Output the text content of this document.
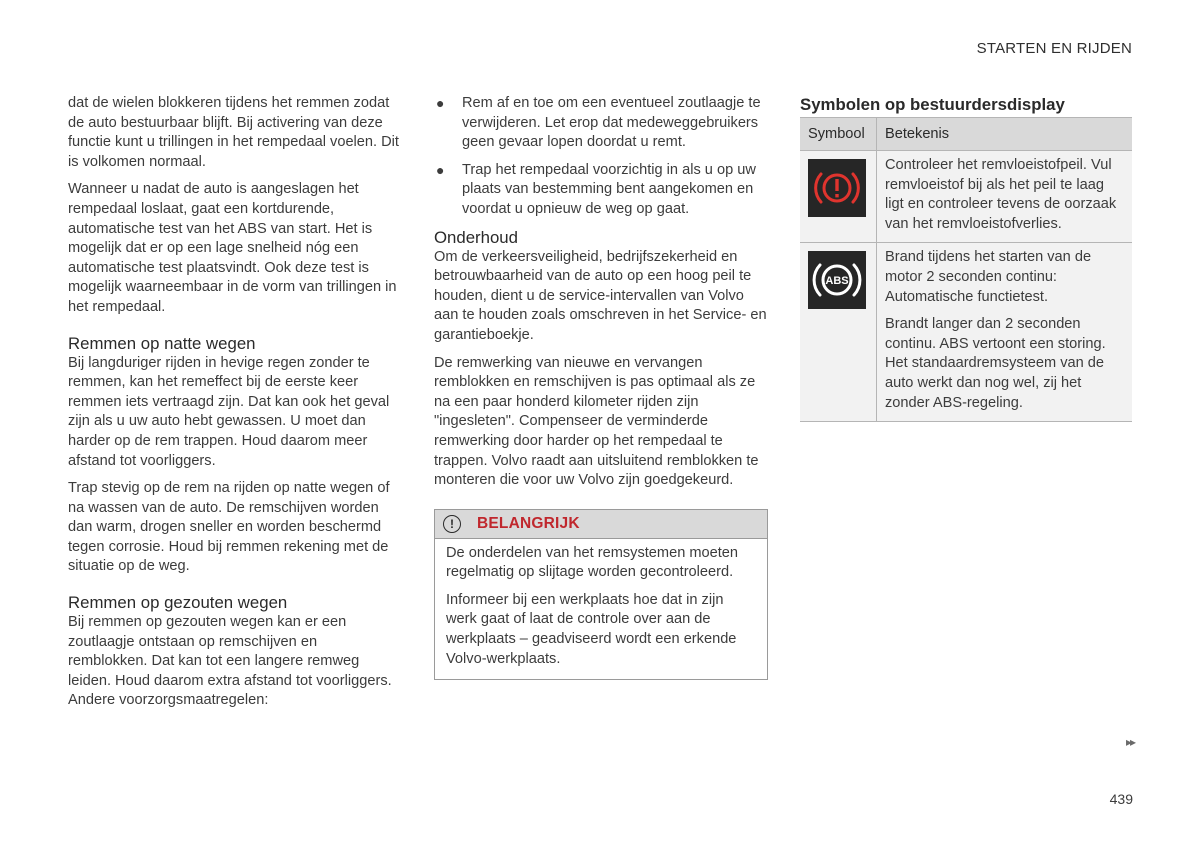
STARTEN EN RIJDEN

dat de wielen blokkeren tijdens het remmen zodat de auto bestuurbaar blijft. Bij activering van deze functie kunt u trillingen in het rempedaal voelen. Dit is volkomen normaal.

Wanneer u nadat de auto is aangeslagen het rempedaal loslaat, gaat een kortdurende, automatische test van het ABS van start. Het is mogelijk dat er op een lage snelheid nóg een automatische test plaatsvindt. Ook deze test is mogelijk waarneembaar in de vorm van trillingen in het rempedaal.

Remmen op natte wegen

Bij langduriger rijden in hevige regen zonder te remmen, kan het remeffect bij de eerste keer remmen iets vertraagd zijn. Dat kan ook het geval zijn als u uw auto hebt gewassen. U moet dan harder op de rem trappen. Houd daarom meer afstand tot voorliggers.

Trap stevig op de rem na rijden op natte wegen of na wassen van de auto. De remschijven worden dan warm, drogen sneller en worden beschermd tegen corrosie. Houd bij remmen rekening met de situatie op de weg.

Remmen op gezouten wegen

Bij remmen op gezouten wegen kan er een zoutlaagje ontstaan op remschijven en remblokken. Dat kan tot een langere remweg leiden. Houd daarom extra afstand tot voorliggers. Andere voorzorgsmaatregelen:

● Rem af en toe om een eventueel zoutlaagje te verwijderen. Let erop dat medeweggebruikers geen gevaar lopen doordat u remt.
● Trap het rempedaal voorzichtig in als u op uw plaats van bestemming bent aangekomen en voordat u opnieuw de weg op gaat.
Onderhoud

Om de verkeersveiligheid, bedrijfszekerheid en betrouwbaarheid van de auto op een hoog peil te houden, dient u de service-intervallen van Volvo aan te houden zoals omschreven in het Service- en garantieboekje.

De remwerking van nieuwe en vervangen remblokken en remschijven is pas optimaal als ze na een paar honderd kilometer rijden zijn "ingesleten". Compenseer de verminderde remwerking door harder op het rempedaal te trappen. Volvo raadt aan uitsluitend remblokken te monteren die voor uw Volvo zijn goedgekeurd.

!	BELANGRIJK

De onderdelen van het remsystemen moeten regelmatig op slijtage worden gecontroleerd.

Informeer bij een werkplaats hoe dat in zijn werk gaat of laat de controle over aan de werkplaats – geadviseerd wordt een erkende Volvo-werkplaats.

Symbolen op bestuurdersdisplay
Symbool	Betekenis

Controleer het remvloeistofpeil. Vul remvloeistof bij als het peil te laag ligt en controleer tevens de oorzaak van het remvloeistofverlies.

ABS	Brand tijdens het starten van de motor 2 seconden continu: Automatische functietest.

Brandt langer dan 2 seconden continu. ABS vertoont een storing. Het standaardremsysteem van de auto werkt dan nog wel, zij het zonder ABS-regeling.

▸▸
439
